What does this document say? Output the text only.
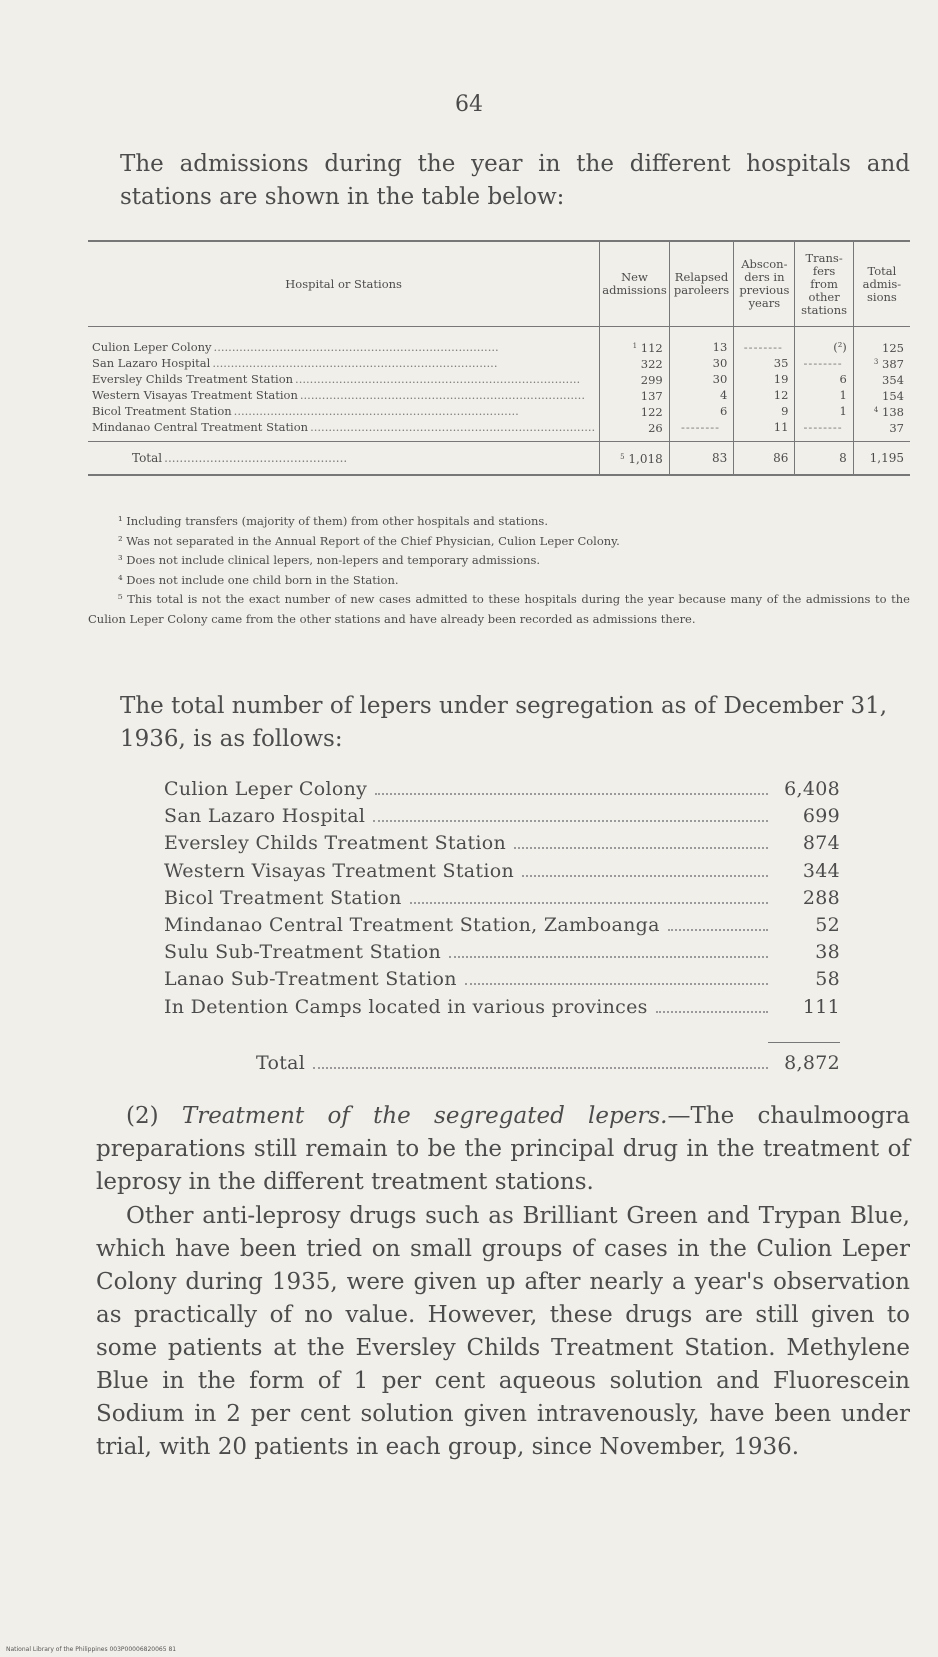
64

The admissions during the year in the different hospitals and stations are shown in the table below:

Hospital or Stations	New admissions	Relapsed paroleers	Abscon-ders in previous years	Trans-fers from other stations	Total admis-sions
Culion Leper Colony ..............................................................................	$^1$ 112	13	--------	(²)	125
San Lazaro Hospital ..............................................................................	322	30	35	--------	$^3$ 387
Eversley Childs Treatment Station ..............................................................................	299	30	19	6	354
Western Visayas Treatment Station ..............................................................................	137	4	12	1	154
Bicol Treatment Station ..............................................................................	122	6	9	1	$^4$ 138
Mindanao Central Treatment Station ..............................................................................	26	--------	11	--------	37
Total ................................................	$^5$ 1,018	83	86	8	1,195

¹ Including transfers (majority of them) from other hospitals and stations.

² Was not separated in the Annual Report of the Chief Physician, Culion Leper Colony.

³ Does not include clinical lepers, non-lepers and temporary admissions.

⁴ Does not include one child born in the Station.

⁵ This total is not the exact number of new cases admitted to these hospitals during the year because many of the admissions to the Culion Leper Colony came from the other stations and have already been recorded as admissions there.

The total number of lepers under segregation as of December 31, 1936, is as follows:

Culion Leper Colony	6,408
San Lazaro Hospital	699
Eversley Childs Treatment Station	874
Western Visayas Treatment Station	344
Bicol Treatment Station	288
Mindanao Central Treatment Station, Zamboanga	52
Sulu Sub-Treatment Station	38
Lanao Sub-Treatment Station	58
In Detention Camps located in various provinces	111
Total	8,872

(2) Treatment of the segregated lepers.—The chaulmoogra preparations still remain to be the principal drug in the treatment of leprosy in the different treatment stations.

Other anti-leprosy drugs such as Brilliant Green and Trypan Blue, which have been tried on small groups of cases in the Culion Leper Colony during 1935, were given up after nearly a year's observation as practically of no value. However, these drugs are still given to some patients at the Eversley Childs Treatment Station. Methylene Blue in the form of 1 per cent aqueous solution and Fluorescein Sodium in 2 per cent solution given intravenously, have been under trial, with 20 patients in each group, since November, 1936.

National Library of the Philippines 003P00006820065 81
